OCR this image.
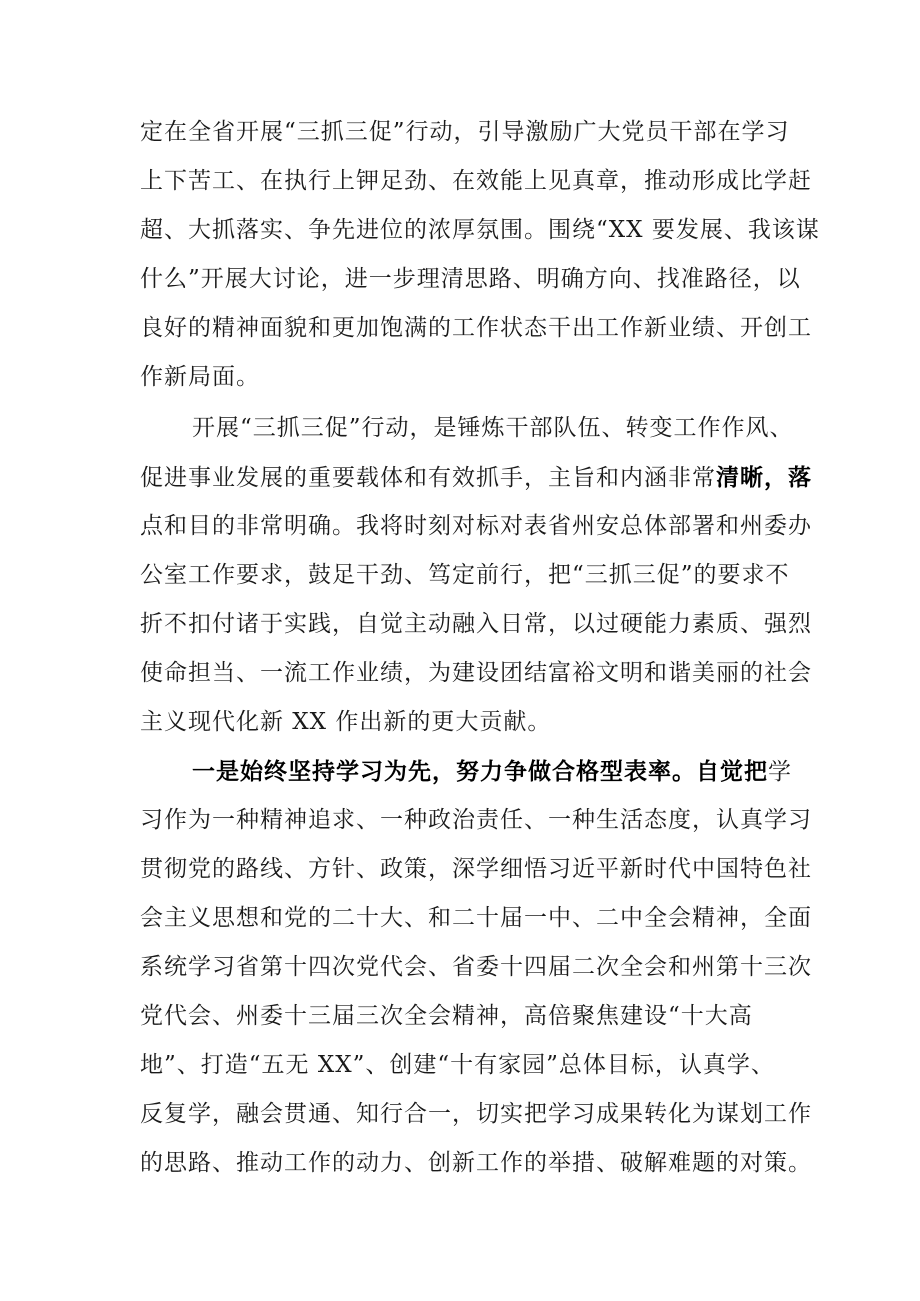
定在全省开展“三抓三促”行动，引导激励广大党员干部在学习
上下苦工、在执行上钾足劲、在效能上见真章，推动形成比学赶
超、大抓落实、争先进位的浓厚氛围。围绕“XX 要发展、我该谋
什么”开展大讨论，进一步理清思路、明确方向、找准路径，以
良好的精神面貌和更加饱满的工作状态干出工作新业绩、开创工
作新局面。
开展“三抓三促”行动，是锤炼干部队伍、转变工作作风、
促进事业发展的重要载体和有效抓手，主旨和内涵非常清晰，落
点和目的非常明确。我将时刻对标对表省州安总体部署和州委办
公室工作要求，鼓足干劲、笃定前行，把“三抓三促”的要求不
折不扣付诸于实践，自觉主动融入日常，以过硬能力素质、强烈
使命担当、一流工作业绩，为建设团结富裕文明和谐美丽的社会
主义现代化新 XX 作出新的更大贡献。
一是始终坚持学习为先，努力争做合格型表率。自觉把学
习作为一种精神追求、一种政治责任、一种生活态度，认真学习
贯彻党的路线、方针、政策，深学细悟习近平新时代中国特色社
会主义思想和党的二十大、和二十届一中、二中全会精神，全面
系统学习省第十四次党代会、省委十四届二次全会和州第十三次
党代会、州委十三届三次全会精神，高倍聚焦建设“十大高
地”、打造“五无 XX”、创建“十有家园”总体目标，认真学、
反复学，融会贯通、知行合一，切实把学习成果转化为谋划工作
的思路、推动工作的动力、创新工作的举措、破解难题的对策。
